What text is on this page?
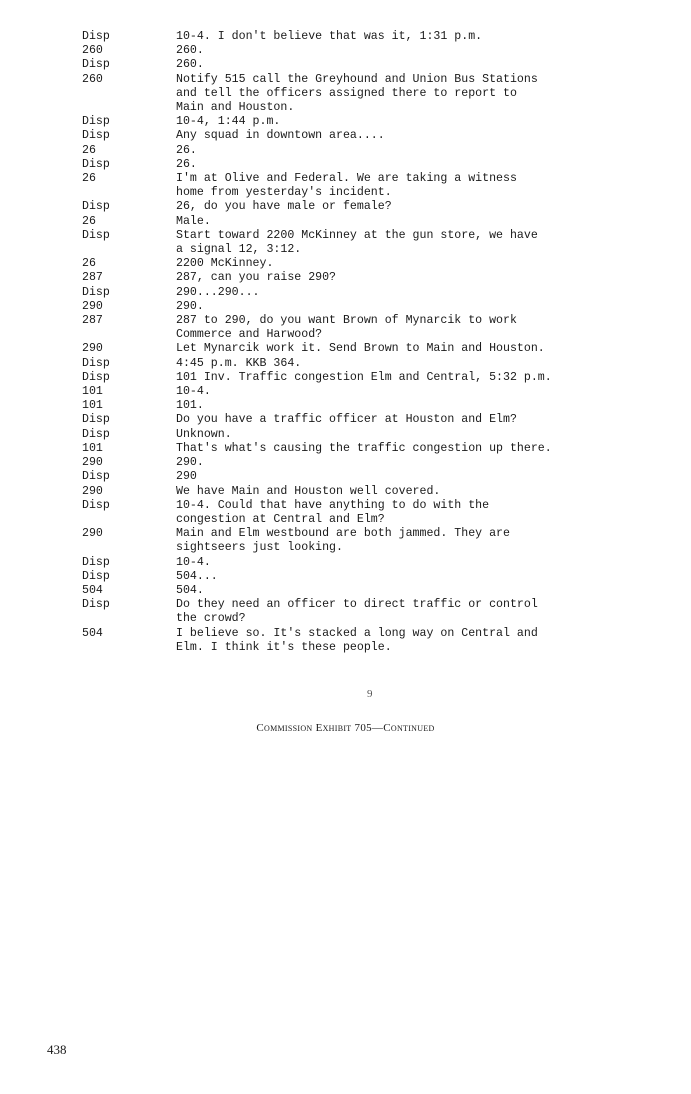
Disp	10-4. I don't believe that was it, 1:31 p.m.
260	260.
Disp	260.
260	Notify 515 call the Greyhound and Union Bus Stations
and tell the officers assigned there to report to
Main and Houston.
Disp	10-4, 1:44 p.m.
Disp	Any squad in downtown area....
26	26.
Disp	26.
26	I'm at Olive and Federal. We are taking a witness
home from yesterday's incident.
Disp	26, do you have male or female?
26	Male.
Disp	Start toward 2200 McKinney at the gun store, we have
a signal 12, 3:12.
26	2200 McKinney.
287	287, can you raise 290?
Disp	290...290...
290	290.
287	287 to 290, do you want Brown of Mynarcik to work
Commerce and Harwood?
290	Let Mynarcik work it. Send Brown to Main and Houston.
Disp	4:45 p.m. KKB 364.
Disp	101 Inv. Traffic congestion Elm and Central, 5:32 p.m.
101	10-4.
101	101.
Disp	Do you have a traffic officer at Houston and Elm?
Disp	Unknown.
101	That's what's causing the traffic congestion up there.
290	290.
Disp	290
290	We have Main and Houston well covered.
Disp	10-4. Could that have anything to do with the
congestion at Central and Elm?
290	Main and Elm westbound are both jammed. They are
sightseers just looking.
Disp	10-4.
Disp	504...
504	504.
Disp	Do they need an officer to direct traffic or control
the crowd?
504	I believe so. It's stacked a long way on Central and
Elm. I think it's these people.
9
Commission Exhibit 705—Continued
438
